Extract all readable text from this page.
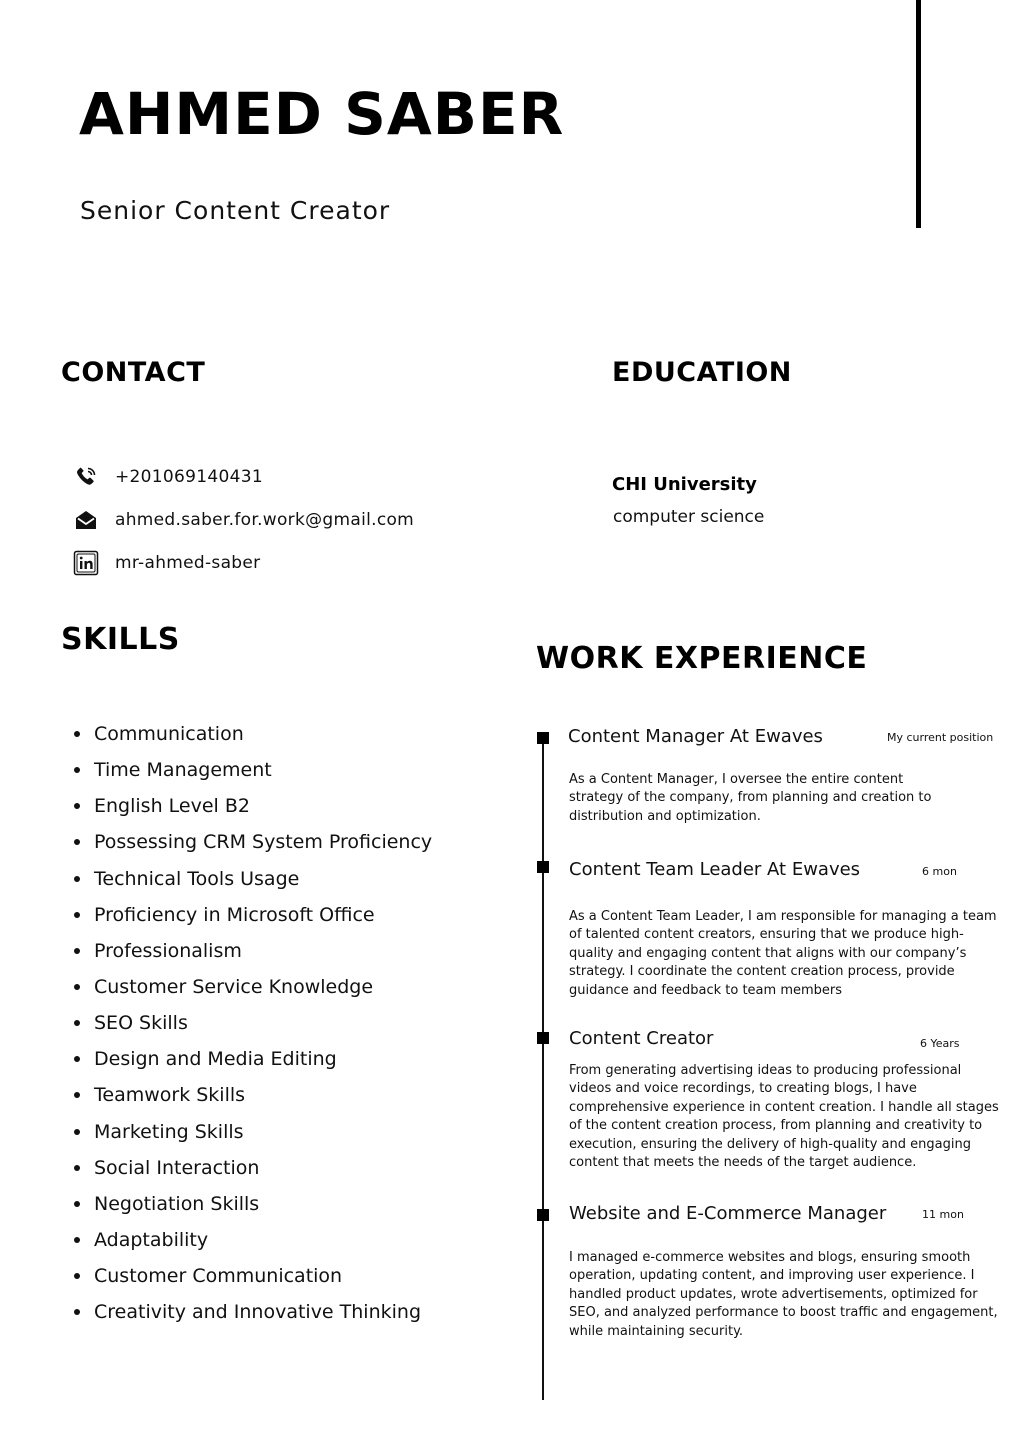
AHMED SABER
Senior Content Creator
CONTACT
+201069140431
ahmed.saber.for.work@gmail.com
mr-ahmed-saber
EDUCATION
CHI University
computer science
SKILLS
Communication
Time Management
English Level B2
Possessing CRM System Proficiency
Technical Tools Usage
Proficiency in Microsoft Office
Professionalism
Customer Service Knowledge
SEO Skills
Design and Media Editing
Teamwork Skills
Marketing Skills
Social Interaction
Negotiation Skills
Adaptability
Customer Communication
Creativity and Innovative Thinking
WORK EXPERIENCE
Content Manager At Ewaves	My current position
As a Content Manager, I oversee the entire content strategy of the company, from planning and creation to distribution and optimization.
Content Team Leader At Ewaves	6 mon
As a Content Team Leader, I am responsible for managing a team of talented content creators, ensuring that we produce high-quality and engaging content that aligns with our company’s strategy. I coordinate the content creation process, provide guidance and feedback to team members
Content Creator	6 Years
From generating advertising ideas to producing professional videos and voice recordings, to creating blogs, I have comprehensive experience in content creation. I handle all stages of the content creation process, from planning and creativity to execution, ensuring the delivery of high-quality and engaging content that meets the needs of the target audience.
Website and E-Commerce Manager	11 mon
I managed e-commerce websites and blogs, ensuring smooth operation, updating content, and improving user experience. I handled product updates, wrote advertisements, optimized for SEO, and analyzed performance to boost traffic and engagement, while maintaining security.
